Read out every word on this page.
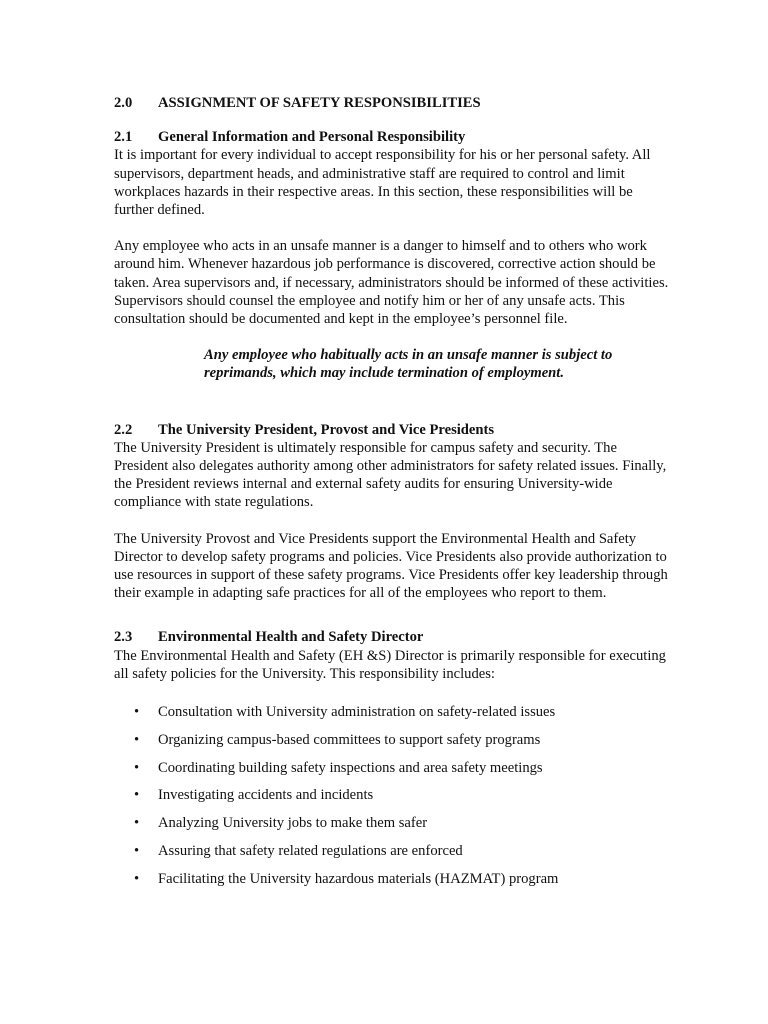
2.0	ASSIGNMENT OF SAFETY RESPONSIBILITIES
2.1	General Information and Personal Responsibility

It is important for every individual to accept responsibility for his or her personal safety. All supervisors, department heads, and administrative staff are required to control and limit workplaces hazards in their respective areas. In this section, these responsibilities will be further defined.

Any employee who acts in an unsafe manner is a danger to himself and to others who work around him. Whenever hazardous job performance is discovered, corrective action should be taken. Area supervisors and, if necessary, administrators should be informed of these activities. Supervisors should counsel the employee and notify him or her of any unsafe acts. This consultation should be documented and kept in the employee’s personnel file.

Any employee who habitually acts in an unsafe manner is subject to reprimands, which may include termination of employment.

2.2	The University President, Provost and Vice Presidents

The University President is ultimately responsible for campus safety and security. The President also delegates authority among other administrators for safety related issues. Finally, the President reviews internal and external safety audits for ensuring University-wide compliance with state regulations.

The University Provost and Vice Presidents support the Environmental Health and Safety Director to develop safety programs and policies. Vice Presidents also provide authorization to use resources in support of these safety programs. Vice Presidents offer key leadership through their example in adapting safe practices for all of the employees who report to them.

2.3	Environmental Health and Safety Director

The Environmental Health and Safety (EH &S) Director is primarily responsible for executing all safety policies for the University. This responsibility includes:

•	Consultation with University administration on safety-related issues
•	Organizing campus-based committees to support safety programs
•	Coordinating building safety inspections and area safety meetings
•	Investigating accidents and incidents
•	Analyzing University jobs to make them safer
•	Assuring that safety related regulations are enforced
•	Facilitating the University hazardous materials (HAZMAT) program
